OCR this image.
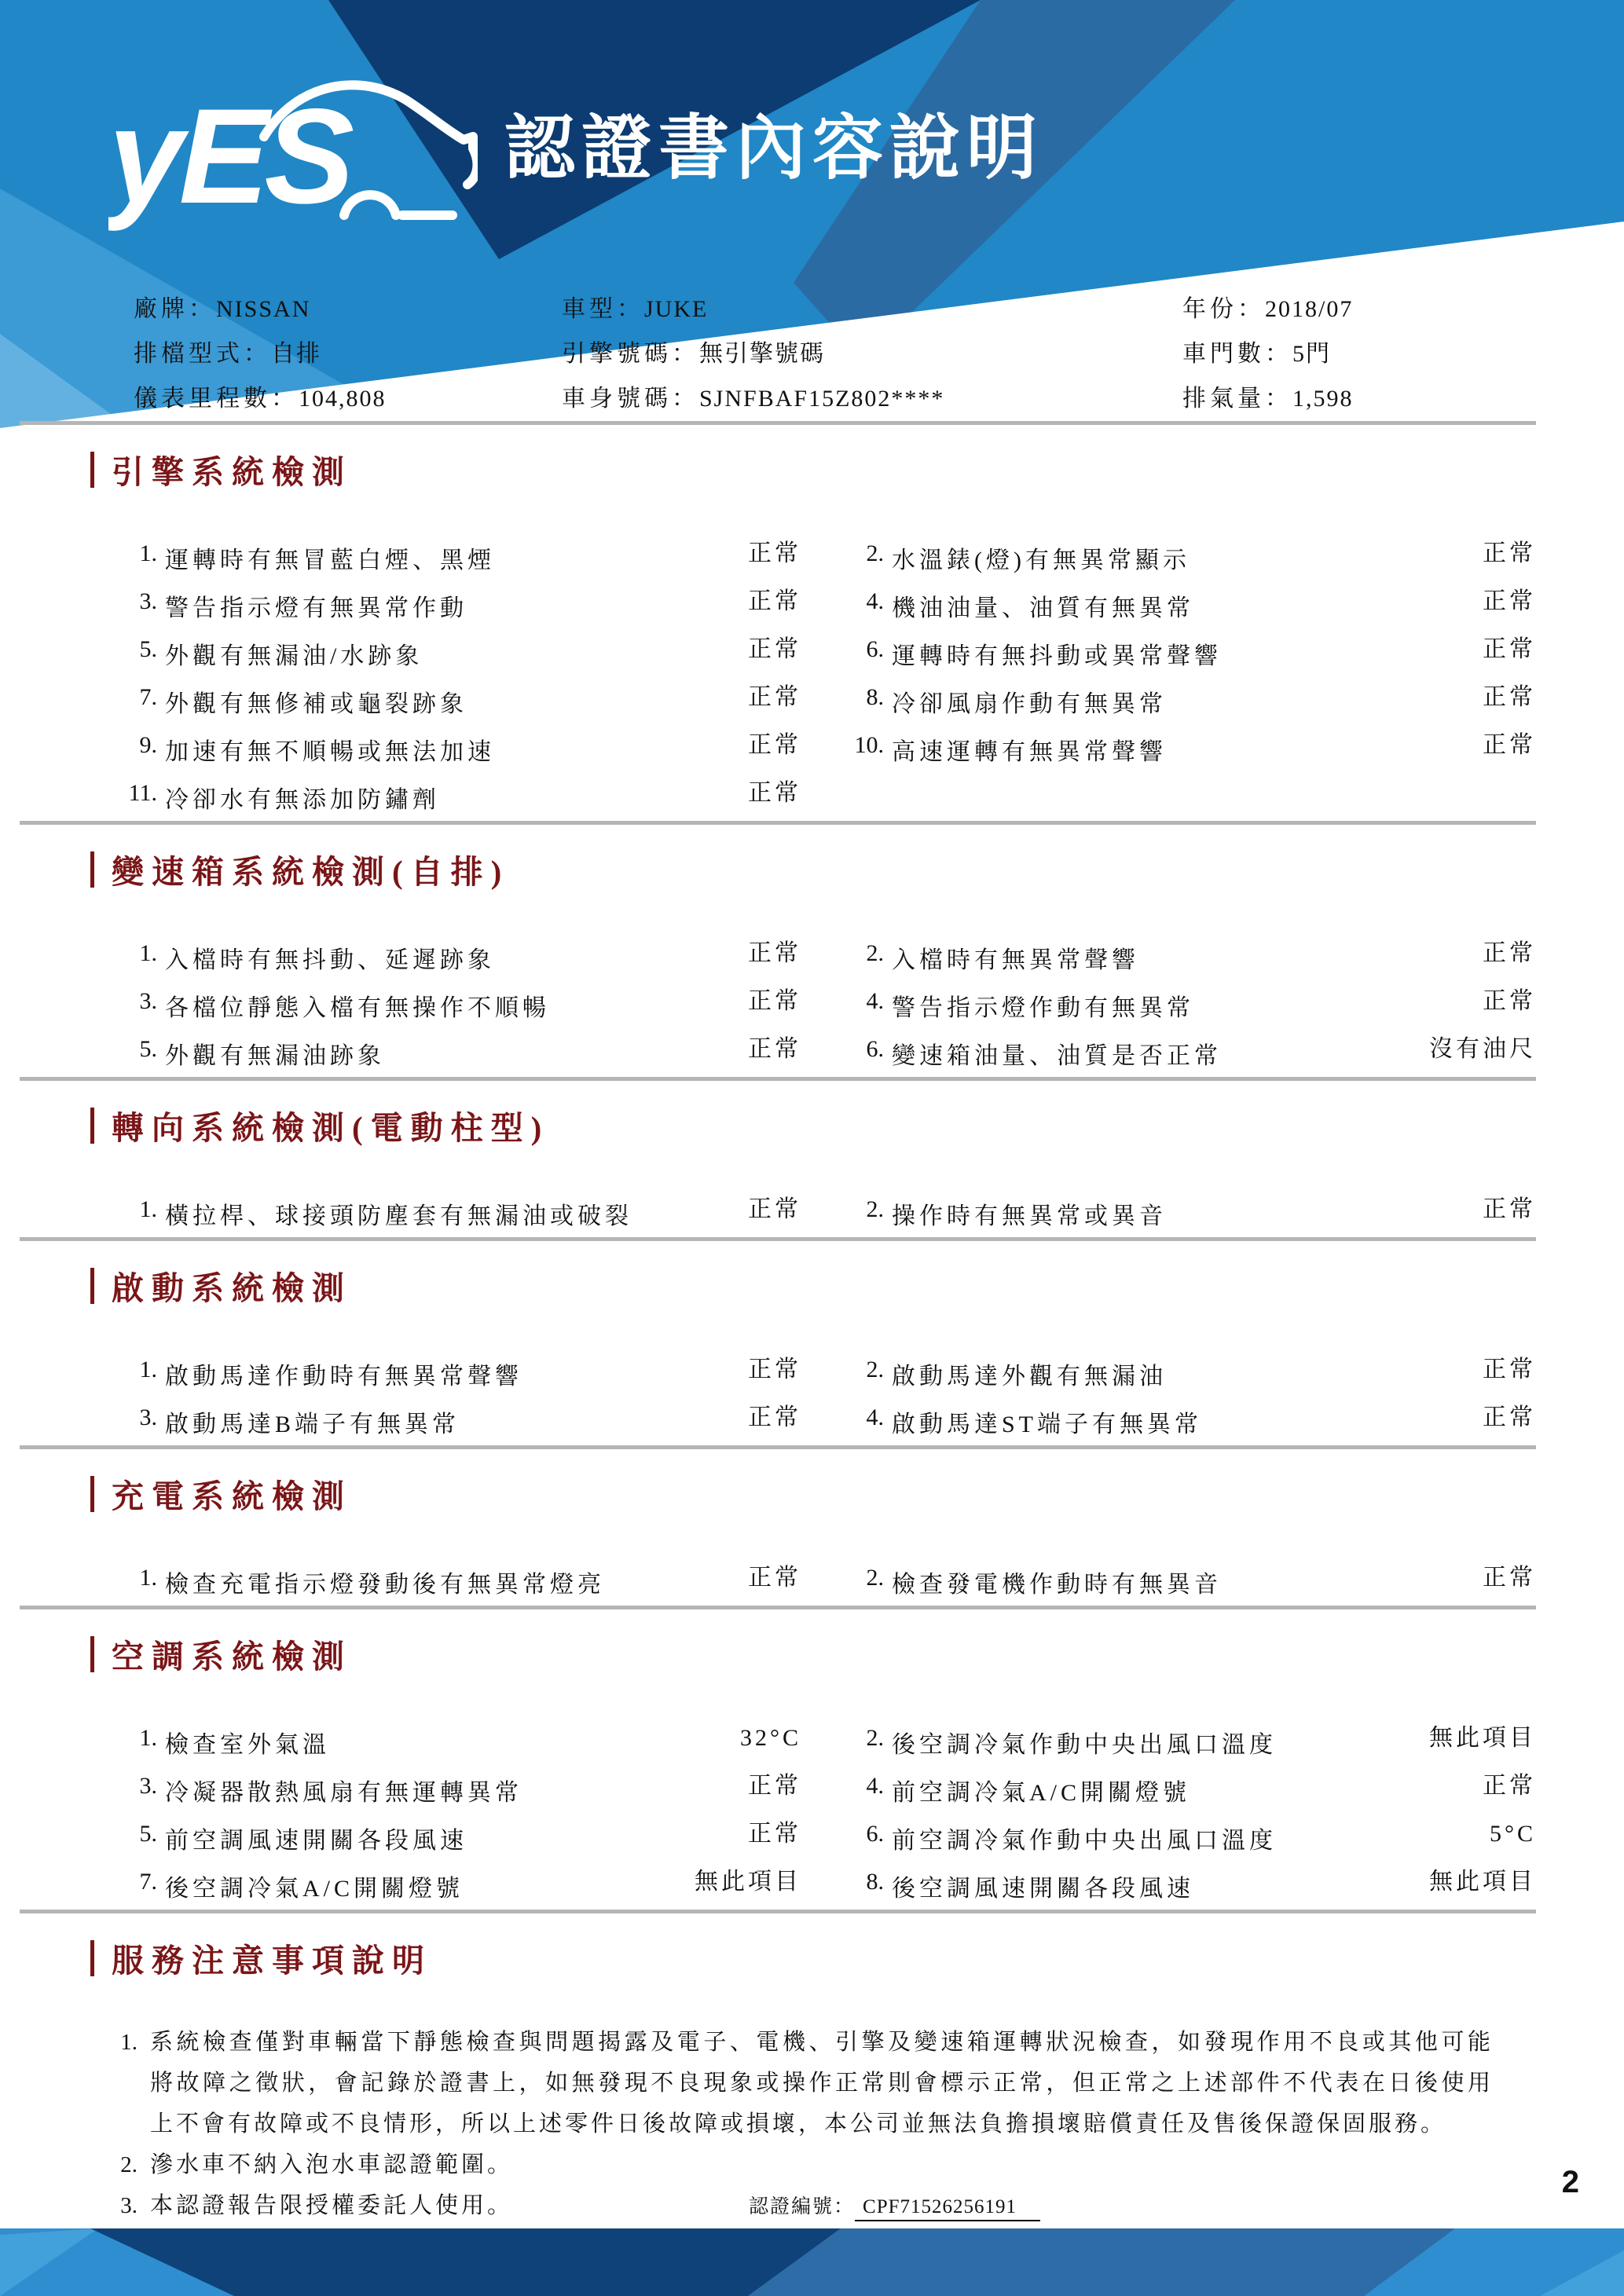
yES 認證書內容說明
廠牌：NISSAN	車型：JUKE	年份：2018/07
排檔型式：自排	引擎號碼：無引擎號碼	車門數：5門
儀表里程數：104,808	車身號碼：SJNFBAF15Z802****	排氣量：1,598
引擎系統檢測
1. 運轉時有無冒藍白煙、黑煙	正常	2. 水溫錶(燈)有無異常顯示	正常
3. 警告指示燈有無異常作動	正常	4. 機油油量、油質有無異常	正常
5. 外觀有無漏油/水跡象	正常	6. 運轉時有無抖動或異常聲響	正常
7. 外觀有無修補或龜裂跡象	正常	8. 冷卻風扇作動有無異常	正常
9. 加速有無不順暢或無法加速	正常	10. 高速運轉有無異常聲響	正常
11. 冷卻水有無添加防鏽劑	正常
變速箱系統檢測(自排)
1. 入檔時有無抖動、延遲跡象	正常	2. 入檔時有無異常聲響	正常
3. 各檔位靜態入檔有無操作不順暢	正常	4. 警告指示燈作動有無異常	正常
5. 外觀有無漏油跡象	正常	6. 變速箱油量、油質是否正常	沒有油尺
轉向系統檢測(電動柱型)
1. 橫拉桿、球接頭防塵套有無漏油或破裂	正常	2. 操作時有無異常或異音	正常
啟動系統檢測
1. 啟動馬達作動時有無異常聲響	正常	2. 啟動馬達外觀有無漏油	正常
3. 啟動馬達B端子有無異常	正常	4. 啟動馬達ST端子有無異常	正常
充電系統檢測
1. 檢查充電指示燈發動後有無異常燈亮	正常	2. 檢查發電機作動時有無異音	正常
空調系統檢測
1. 檢查室外氣溫	32°C	2. 後空調冷氣作動中央出風口溫度	無此項目
3. 冷凝器散熱風扇有無運轉異常	正常	4. 前空調冷氣A/C開關燈號	正常
5. 前空調風速開關各段風速	正常	6. 前空調冷氣作動中央出風口溫度	5°C
7. 後空調冷氣A/C開關燈號	無此項目	8. 後空調風速開關各段風速	無此項目
服務注意事項說明
1. 系統檢查僅對車輛當下靜態檢查與問題揭露及電子、電機、引擎及變速箱運轉狀況檢查，如發現作用不良或其他可能將故障之徵狀，會記錄於證書上，如無發現不良現象或操作正常則會標示正常，但正常之上述部件不代表在日後使用上不會有故障或不良情形，所以上述零件日後故障或損壞，本公司並無法負擔損壞賠償責任及售後保證保固服務。
2. 滲水車不納入泡水車認證範圍。
3. 本認證報告限授權委託人使用。	認證編號： CPF71526256191
2
